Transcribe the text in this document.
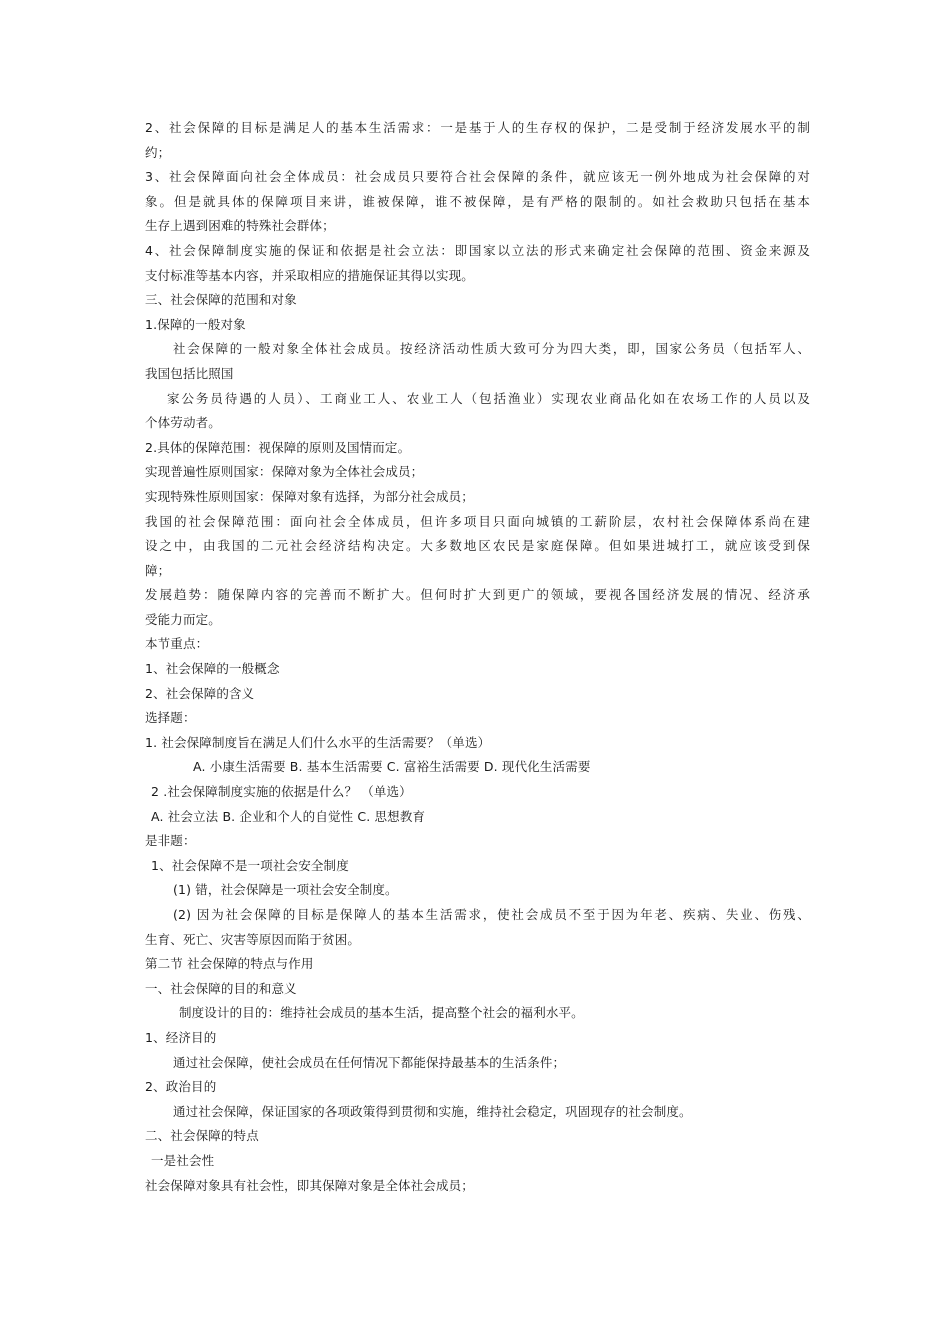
2、社会保障的目标是满足人的基本生活需求：一是基于人的生存权的保护，二是受制于经济发展水平的制
约；
3、社会保障面向社会全体成员：社会成员只要符合社会保障的条件，就应该无一例外地成为社会保障的对
象。但是就具体的保障项目来讲，谁被保障，谁不被保障，是有严格的限制的。如社会救助只包括在基本
生存上遇到困难的特殊社会群体；
4、社会保障制度实施的保证和依据是社会立法：即国家以立法的形式来确定社会保障的范围、资金来源及
支付标准等基本内容，并采取相应的措施保证其得以实现。
三、社会保障的范围和对象
1.保障的一般对象
社会保障的一般对象全体社会成员。按经济活动性质大致可分为四大类，即，国家公务员（包括军人、
我国包括比照国
家公务员待遇的人员）、工商业工人、农业工人（包括渔业）实现农业商品化如在农场工作的人员以及
个体劳动者。
2.具体的保障范围：视保障的原则及国情而定。
实现普遍性原则国家：保障对象为全体社会成员；
实现特殊性原则国家：保障对象有选择，为部分社会成员；
我国的社会保障范围：面向社会全体成员，但许多项目只面向城镇的工薪阶层，农村社会保障体系尚在建
设之中，由我国的二元社会经济结构决定。大多数地区农民是家庭保障。但如果进城打工，就应该受到保
障；
发展趋势：随保障内容的完善而不断扩大。但何时扩大到更广的领域，要视各国经济发展的情况、经济承
受能力而定。
本节重点：
1、社会保障的一般概念
2、社会保障的含义
选择题：
1. 社会保障制度旨在满足人们什么水平的生活需要？（单选）
A. 小康生活需要 B. 基本生活需要 C. 富裕生活需要 D. 现代化生活需要
2 .社会保障制度实施的依据是什么？ （单选）
A. 社会立法 B. 企业和个人的自觉性 C. 思想教育
是非题：
1、社会保障不是一项社会安全制度
(1) 错，社会保障是一项社会安全制度。
(2) 因为社会保障的目标是保障人的基本生活需求，使社会成员不至于因为年老、疾病、失业、伤残、
生育、死亡、灾害等原因而陷于贫困。
第二节 社会保障的特点与作用
一、社会保障的目的和意义
制度设计的目的：维持社会成员的基本生活，提高整个社会的福利水平。
1、经济目的
通过社会保障，使社会成员在任何情况下都能保持最基本的生活条件；
2、政治目的
通过社会保障，保证国家的各项政策得到贯彻和实施，维持社会稳定，巩固现存的社会制度。
二、社会保障的特点
一是社会性
社会保障对象具有社会性，即其保障对象是全体社会成员；
